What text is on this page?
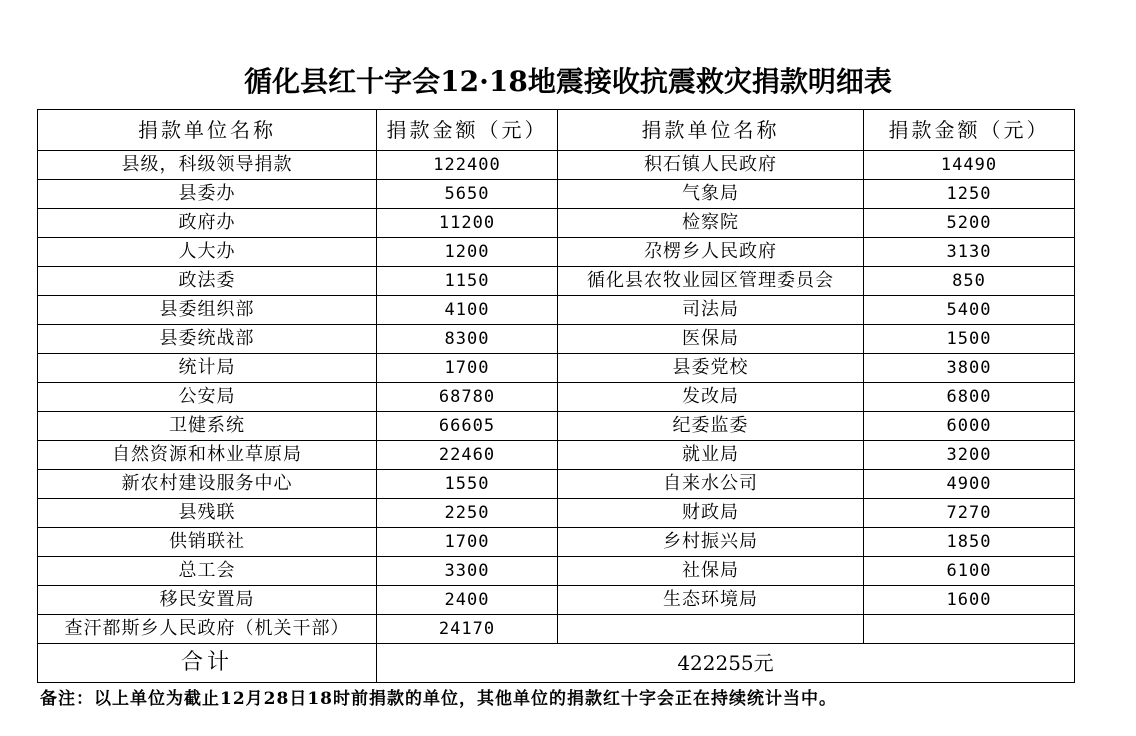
循化县红十字会12·18地震接收抗震救灾捐款明细表
捐款单位名称	捐款金额（元）	捐款单位名称	捐款金额（元）
县级，科级领导捐款	122400	积石镇人民政府	14490
县委办	5650	气象局	1250
政府办	11200	检察院	5200
人大办	1200	尕楞乡人民政府	3130
政法委	1150	循化县农牧业园区管理委员会	850
县委组织部	4100	司法局	5400
县委统战部	8300	医保局	1500
统计局	1700	县委党校	3800
公安局	68780	发改局	6800
卫健系统	66605	纪委监委	6000
自然资源和林业草原局	22460	就业局	3200
新农村建设服务中心	1550	自来水公司	4900
县残联	2250	财政局	7270
供销联社	1700	乡村振兴局	1850
总工会	3300	社保局	6100
移民安置局	2400	生态环境局	1600
查汗都斯乡人民政府（机关干部）	24170		
合计	422255元		
备注：以上单位为截止12月28日18时前捐款的单位，其他单位的捐款红十字会正在持续统计当中。
